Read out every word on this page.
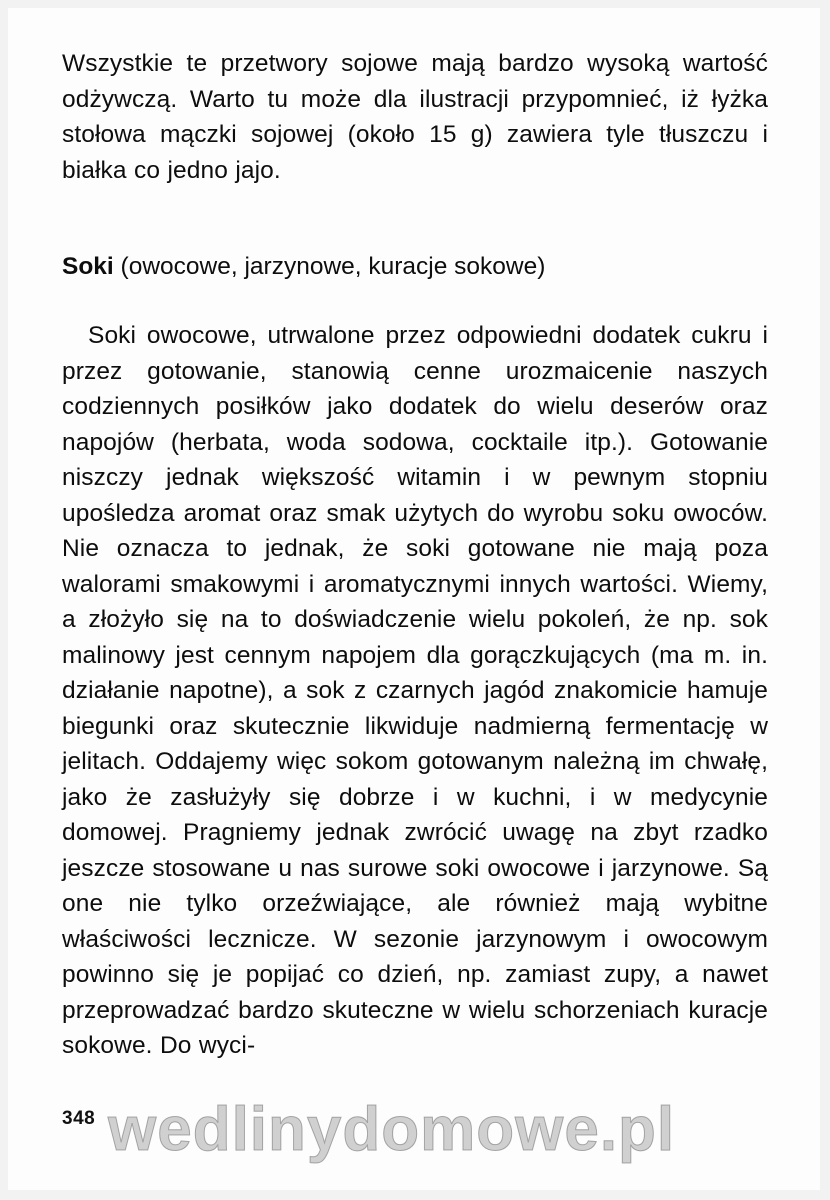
Wszystkie te przetwory sojowe mają bardzo wysoką wartość odżywczą. Warto tu może dla ilustracji przypomnieć, iż łyżka stołowa mączki sojowej (około 15 g) zawiera tyle tłuszczu i białka co jedno jajo.

Soki (owocowe, jarzynowe, kuracje sokowe)

Soki owocowe, utrwalone przez odpowiedni dodatek cukru i przez gotowanie, stanowią cenne urozmaicenie naszych codziennych posiłków jako dodatek do wielu deserów oraz napojów (herbata, woda sodowa, cocktaile itp.). Gotowanie niszczy jednak większość witamin i w pewnym stopniu upośledza aromat oraz smak użytych do wyrobu soku owoców. Nie oznacza to jednak, że soki gotowane nie mają poza walorami smakowymi i aromatycznymi innych wartości. Wiemy, a złożyło się na to doświadczenie wielu pokoleń, że np. sok malinowy jest cennym napojem dla gorączkujących (ma m. in. działanie napotne), a sok z czarnych jagód znakomicie hamuje biegunki oraz skutecznie likwiduje nadmierną fermentację w jelitach. Oddajemy więc sokom gotowanym należną im chwałę, jako że zasłużyły się dobrze i w kuchni, i w medycynie domowej. Pragniemy jednak zwrócić uwagę na zbyt rzadko jeszcze stosowane u nas surowe soki owocowe i jarzynowe. Są one nie tylko orzeźwiające, ale również mają wybitne właściwości lecznicze. W sezonie jarzynowym i owocowym powinno się je popijać co dzień, np. zamiast zupy, a nawet przeprowadzać bardzo skuteczne w wielu schorzeniach kuracje sokowe. Do wyci-

348 wedlinydomowe.pl
